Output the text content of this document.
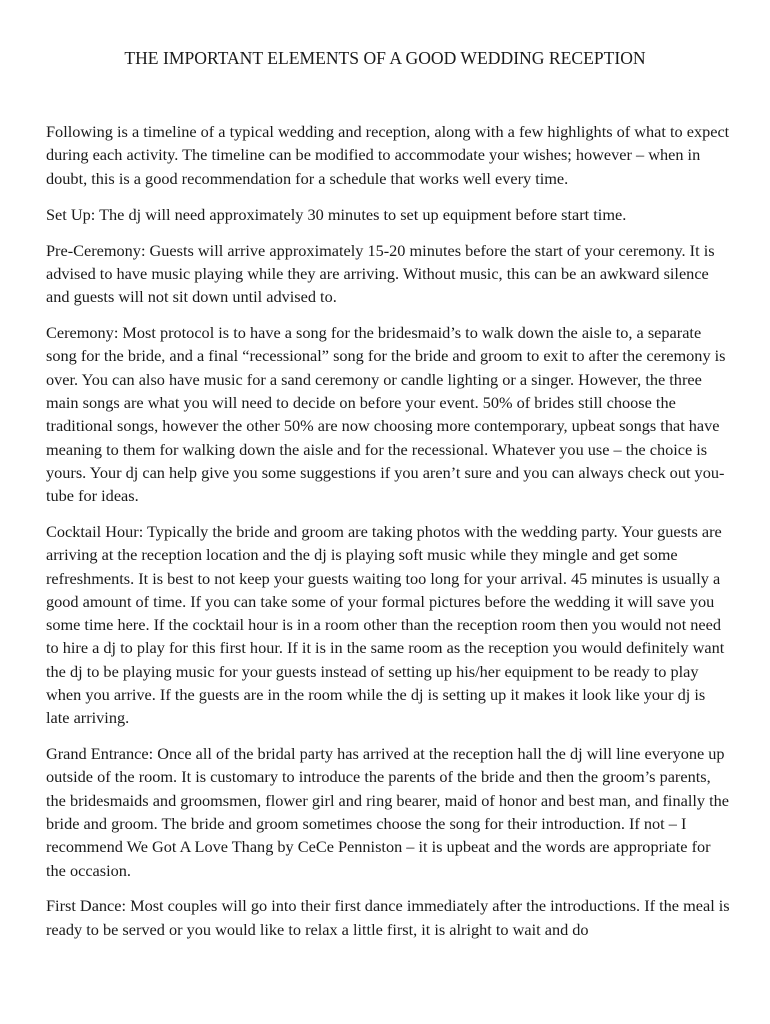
THE IMPORTANT ELEMENTS OF A GOOD WEDDING RECEPTION

Following is a timeline of a typical wedding and reception, along with a few highlights of what to expect during each activity. The timeline can be modified to accommodate your wishes; however – when in doubt, this is a good recommendation for a schedule that works well every time.

Set Up: The dj will need approximately 30 minutes to set up equipment before start time.

Pre-Ceremony: Guests will arrive approximately 15-20 minutes before the start of your ceremony. It is advised to have music playing while they are arriving. Without music, this can be an awkward silence and guests will not sit down until advised to.

Ceremony: Most protocol is to have a song for the bridesmaid’s to walk down the aisle to, a separate song for the bride, and a final “recessional” song for the bride and groom to exit to after the ceremony is over. You can also have music for a sand ceremony or candle lighting or a singer. However, the three main songs are what you will need to decide on before your event. 50% of brides still choose the traditional songs, however the other 50% are now choosing more contemporary, upbeat songs that have meaning to them for walking down the aisle and for the recessional. Whatever you use – the choice is yours. Your dj can help give you some suggestions if you aren’t sure and you can always check out you-tube for ideas.

Cocktail Hour: Typically the bride and groom are taking photos with the wedding party. Your guests are arriving at the reception location and the dj is playing soft music while they mingle and get some refreshments. It is best to not keep your guests waiting too long for your arrival. 45 minutes is usually a good amount of time. If you can take some of your formal pictures before the wedding it will save you some time here. If the cocktail hour is in a room other than the reception room then you would not need to hire a dj to play for this first hour. If it is in the same room as the reception you would definitely want the dj to be playing music for your guests instead of setting up his/her equipment to be ready to play when you arrive. If the guests are in the room while the dj is setting up it makes it look like your dj is late arriving.

Grand Entrance: Once all of the bridal party has arrived at the reception hall the dj will line everyone up outside of the room. It is customary to introduce the parents of the bride and then the groom’s parents, the bridesmaids and groomsmen, flower girl and ring bearer, maid of honor and best man, and finally the bride and groom. The bride and groom sometimes choose the song for their introduction. If not – I recommend We Got A Love Thang by CeCe Penniston – it is upbeat and the words are appropriate for the occasion.

First Dance: Most couples will go into their first dance immediately after the introductions. If the meal is ready to be served or you would like to relax a little first, it is alright to wait and do
